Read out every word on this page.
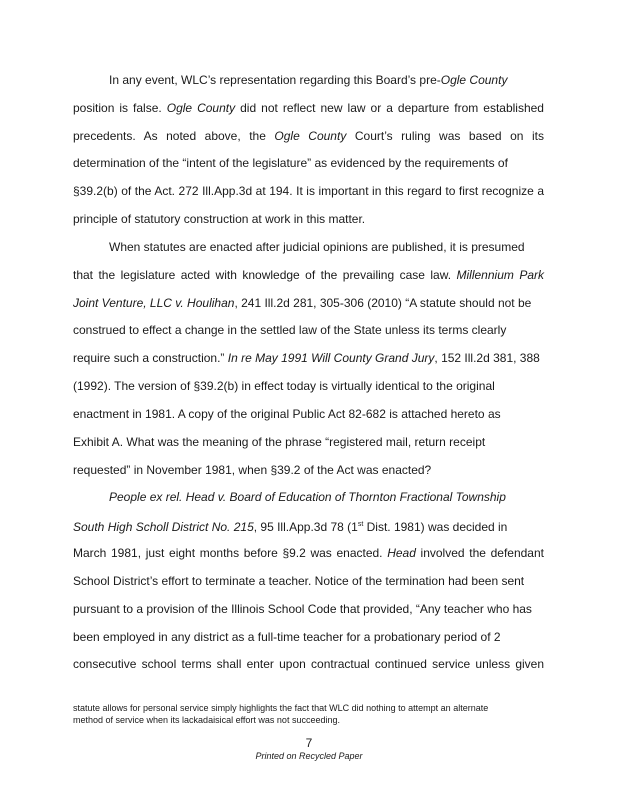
In any event, WLC’s representation regarding this Board’s pre-Ogle County
position is false. Ogle County did not reflect new law or a departure from established
precedents. As noted above, the Ogle County Court’s ruling was based on its
determination of the “intent of the legislature” as evidenced by the requirements of
§39.2(b) of the Act. 272 Ill.App.3d at 194. It is important in this regard to first recognize a
principle of statutory construction at work in this matter.
When statutes are enacted after judicial opinions are published, it is presumed
that the legislature acted with knowledge of the prevailing case law. Millennium Park
Joint Venture, LLC v. Houlihan, 241 Ill.2d 281, 305-306 (2010) “A statute should not be
construed to effect a change in the settled law of the State unless its terms clearly
require such a construction.” In re May 1991 Will County Grand Jury, 152 Ill.2d 381, 388
(1992). The version of §39.2(b) in effect today is virtually identical to the original
enactment in 1981. A copy of the original Public Act 82-682 is attached hereto as
Exhibit A. What was the meaning of the phrase “registered mail, return receipt
requested” in November 1981, when §39.2 of the Act was enacted?
People ex rel. Head v. Board of Education of Thornton Fractional Township
South High Scholl District No. 215, 95 Ill.App.3d 78 (1st Dist. 1981) was decided in
March 1981, just eight months before §9.2 was enacted. Head involved the defendant
School District’s effort to terminate a teacher. Notice of the termination had been sent
pursuant to a provision of the Illinois School Code that provided, “Any teacher who has
been employed in any district as a full-time teacher for a probationary period of 2
consecutive school terms shall enter upon contractual continued service unless given
statute allows for personal service simply highlights the fact that WLC did nothing to attempt an alternate
method of service when its lackadaisical effort was not succeeding.
7
Printed on Recycled Paper
